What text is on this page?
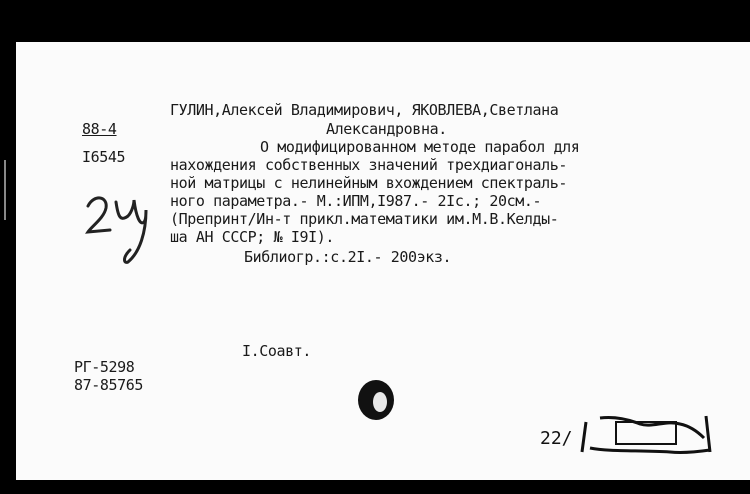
88-4
I6545
ГУЛИН,Алексей Владимирович, ЯКОВЛЕВА,Светлана
Александровна.
О модифицированном методе парабол для
нахождения собственных значений трехдиагональ-
ной матрицы с нелинейным вхождением спектраль-
ного параметра.- М.:ИПМ,I987.- 2Iс.; 20см.-
(Препринт/Ин-т прикл.математики им.М.В.Келды-
ша АН СССР; № I9I).
Библиогр.:с.2I.- 200экз.
I.Соавт.
РГ-5298
87-85765
22/
